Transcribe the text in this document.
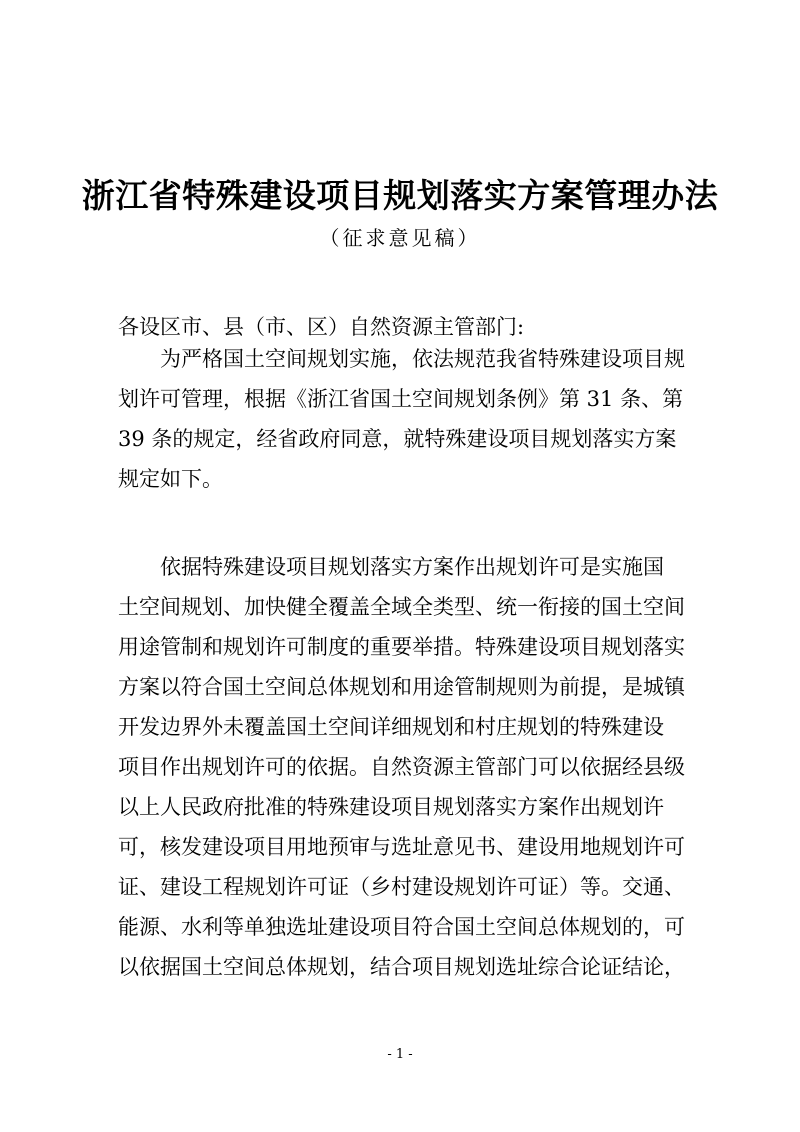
浙江省特殊建设项目规划落实方案管理办法
（征求意见稿）
各设区市、县（市、区）自然资源主管部门:
为严格国土空间规划实施，依法规范我省特殊建设项目规
划许可管理，根据《浙江省国土空间规划条例》第 31 条、第
39 条的规定，经省政府同意，就特殊建设项目规划落实方案
规定如下。
依据特殊建设项目规划落实方案作出规划许可是实施国
土空间规划、加快健全覆盖全域全类型、统一衔接的国土空间
用途管制和规划许可制度的重要举措。特殊建设项目规划落实
方案以符合国土空间总体规划和用途管制规则为前提，是城镇
开发边界外未覆盖国土空间详细规划和村庄规划的特殊建设
项目作出规划许可的依据。自然资源主管部门可以依据经县级
以上人民政府批准的特殊建设项目规划落实方案作出规划许
可，核发建设项目用地预审与选址意见书、建设用地规划许可
证、建设工程规划许可证（乡村建设规划许可证）等。交通、
能源、水利等单独选址建设项目符合国土空间总体规划的，可
以依据国土空间总体规划，结合项目规划选址综合论证结论，
- 1 -
